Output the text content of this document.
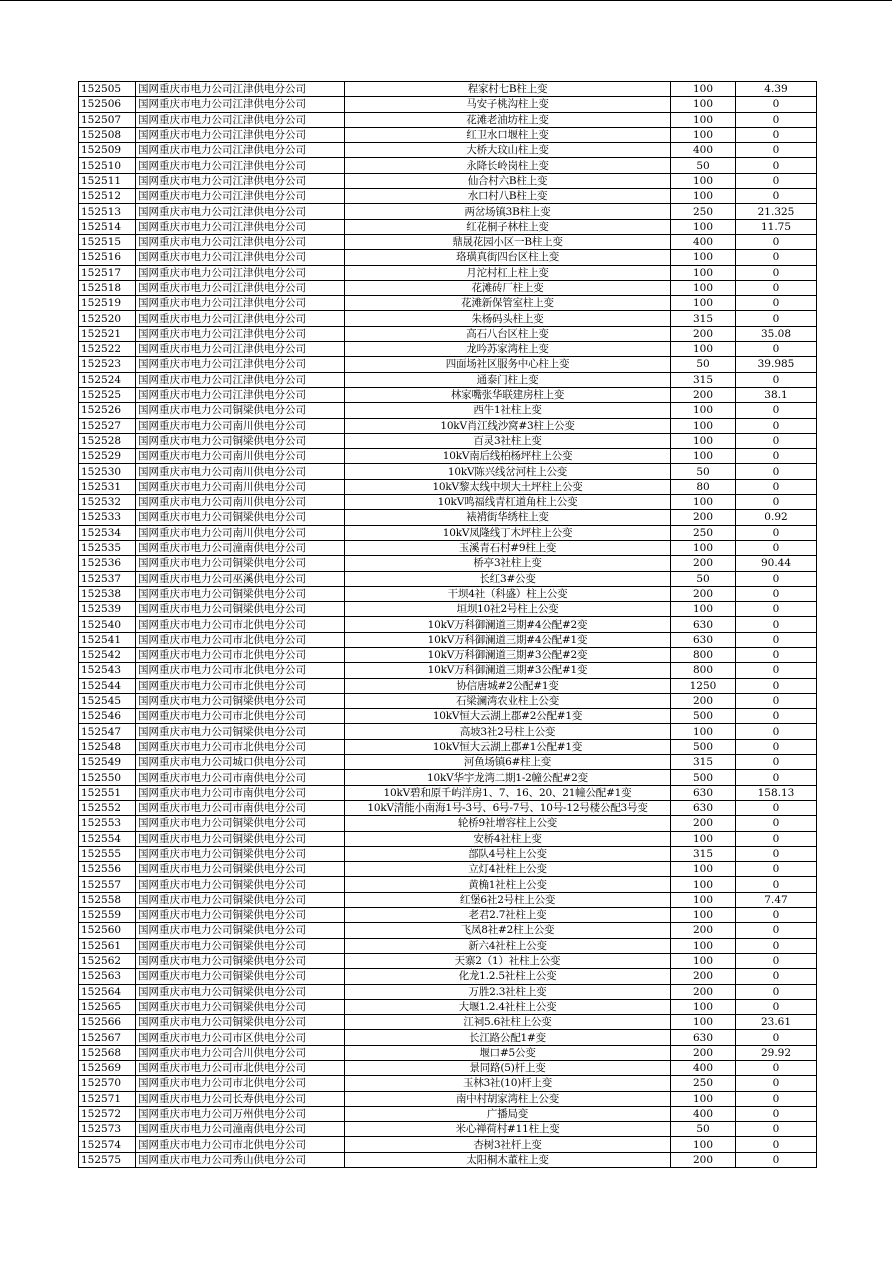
152505	国网重庆市电力公司江津供电分公司	程家村七B柱上变	100	4.39
152506	国网重庆市电力公司江津供电分公司	马安子桃沟柱上变	100	0
152507	国网重庆市电力公司江津供电分公司	花滩老油坊柱上变	100	0
152508	国网重庆市电力公司江津供电分公司	红卫水口堰柱上变	100	0
152509	国网重庆市电力公司江津供电分公司	大桥大玟山柱上变	400	0
152510	国网重庆市电力公司江津供电分公司	永降长岭岗柱上变	50	0
152511	国网重庆市电力公司江津供电分公司	仙合村六B柱上变	100	0
152512	国网重庆市电力公司江津供电分公司	水口村八B柱上变	100	0
152513	国网重庆市电力公司江津供电分公司	两岔场镇3B柱上变	250	21.325
152514	国网重庆市电力公司江津供电分公司	红花桐子林柱上变	100	11.75
152515	国网重庆市电力公司江津供电分公司	鼎晟花园小区一B柱上变	400	0
152516	国网重庆市电力公司江津供电分公司	珞璜真街四台区柱上变	100	0
152517	国网重庆市电力公司江津供电分公司	月沱村杠上柱上变	100	0
152518	国网重庆市电力公司江津供电分公司	花滩砖厂柱上变	100	0
152519	国网重庆市电力公司江津供电分公司	花滩新保管室柱上变	100	0
152520	国网重庆市电力公司江津供电分公司	朱杨码头柱上变	315	0
152521	国网重庆市电力公司江津供电分公司	高石八台区柱上变	200	35.08
152522	国网重庆市电力公司江津供电分公司	龙吟苏家湾柱上变	100	0
152523	国网重庆市电力公司江津供电分公司	四面场社区服务中心柱上变	50	39.985
152524	国网重庆市电力公司江津供电分公司	通泰门柱上变	315	0
152525	国网重庆市电力公司江津供电分公司	林家嘴张华联建房柱上变	200	38.1
152526	国网重庆市电力公司铜梁供电分公司	西牛1社柱上变	100	0
152527	国网重庆市电力公司南川供电分公司	10kV肖江线沙窝#3柱上公变	100	0
152528	国网重庆市电力公司铜梁供电分公司	百灵3社柱上变	100	0
152529	国网重庆市电力公司南川供电分公司	10kV南后线柏杨坪柱上公变	100	0
152530	国网重庆市电力公司南川供电分公司	10kV陈兴线岔河柱上公变	50	0
152531	国网重庆市电力公司南川供电分公司	10kV黎太线中坝大土坪柱上公变	80	0
152532	国网重庆市电力公司南川供电分公司	10kV鸣福线青杠道角柱上公变	100	0
152533	国网重庆市电力公司铜梁供电分公司	裱褙街华绣柱上变	200	0.92
152534	国网重庆市电力公司南川供电分公司	10kV凤隆线丁木坪柱上公变	250	0
152535	国网重庆市电力公司潼南供电分公司	玉溪青石村#9柱上变	100	0
152536	国网重庆市电力公司铜梁供电分公司	桥亭3社柱上变	200	90.44
152537	国网重庆市电力公司巫溪供电分公司	长红3#公变	50	0
152538	国网重庆市电力公司铜梁供电分公司	干坝4社（科盛）柱上公变	200	0
152539	国网重庆市电力公司铜梁供电分公司	垣坝10社2号柱上公变	100	0
152540	国网重庆市电力公司市北供电分公司	10kV万科御澜道三期#4公配#2变	630	0
152541	国网重庆市电力公司市北供电分公司	10kV万科御澜道三期#4公配#1变	630	0
152542	国网重庆市电力公司市北供电分公司	10kV万科御澜道三期#3公配#2变	800	0
152543	国网重庆市电力公司市北供电分公司	10kV万科御澜道三期#3公配#1变	800	0
152544	国网重庆市电力公司市北供电分公司	协信唐城#2公配#1变	1250	0
152545	国网重庆市电力公司铜梁供电分公司	石梁澜湾农业柱上公变	200	0
152546	国网重庆市电力公司市北供电分公司	10kV恒大云湖上郡#2公配#1变	500	0
152547	国网重庆市电力公司铜梁供电分公司	高坡3社2号柱上公变	100	0
152548	国网重庆市电力公司市北供电分公司	10kV恒大云湖上郡#1公配#1变	500	0
152549	国网重庆市电力公司城口供电分公司	河鱼场镇6#柱上变	315	0
152550	国网重庆市电力公司市南供电分公司	10kV华宇龙湾二期1-2幢公配#2变	500	0
152551	国网重庆市电力公司市南供电分公司	10kV碧和原千屿洋房1、7、16、20、21幢公配#1变	630	158.13
152552	国网重庆市电力公司市南供电分公司	10kV清能小南海1号-3号、6号-7号、10号-12号楼公配3号变	630	0
152553	国网重庆市电力公司铜梁供电分公司	轮桥9社增容柱上公变	200	0
152554	国网重庆市电力公司铜梁供电分公司	安桥4社柱上变	100	0
152555	国网重庆市电力公司铜梁供电分公司	部队4号柱上公变	315	0
152556	国网重庆市电力公司铜梁供电分公司	立灯4社柱上公变	100	0
152557	国网重庆市电力公司铜梁供电分公司	黄桷1社柱上公变	100	0
152558	国网重庆市电力公司铜梁供电分公司	红堡6社2号柱上公变	100	7.47
152559	国网重庆市电力公司铜梁供电分公司	老君2.7社柱上变	100	0
152560	国网重庆市电力公司铜梁供电分公司	飞凤8社#2柱上公变	200	0
152561	国网重庆市电力公司铜梁供电分公司	新六4社柱上公变	100	0
152562	国网重庆市电力公司铜梁供电分公司	天寨2（1）社柱上公变	100	0
152563	国网重庆市电力公司铜梁供电分公司	化龙1.2.5社柱上公变	200	0
152564	国网重庆市电力公司铜梁供电分公司	万胜2.3社柱上变	200	0
152565	国网重庆市电力公司铜梁供电分公司	大堰1.2.4社柱上公变	100	0
152566	国网重庆市电力公司铜梁供电分公司	江祠5.6社柱上公变	100	23.61
152567	国网重庆市电力公司市区供电分公司	长江路公配1#变	630	0
152568	国网重庆市电力公司合川供电分公司	堰口#5公变	200	29.92
152569	国网重庆市电力公司市北供电分公司	景同路(5)杆上变	400	0
152570	国网重庆市电力公司市北供电分公司	玉林3社(10)杆上变	250	0
152571	国网重庆市电力公司长寿供电分公司	南中村胡家湾柱上公变	100	0
152572	国网重庆市电力公司万州供电分公司	广播局变	400	0
152573	国网重庆市电力公司潼南供电分公司	米心禅荷村#11柱上变	50	0
152574	国网重庆市电力公司市北供电分公司	杏树3社杆上变	100	0
152575	国网重庆市电力公司秀山供电分公司	太阳桐木董柱上变	200	0
